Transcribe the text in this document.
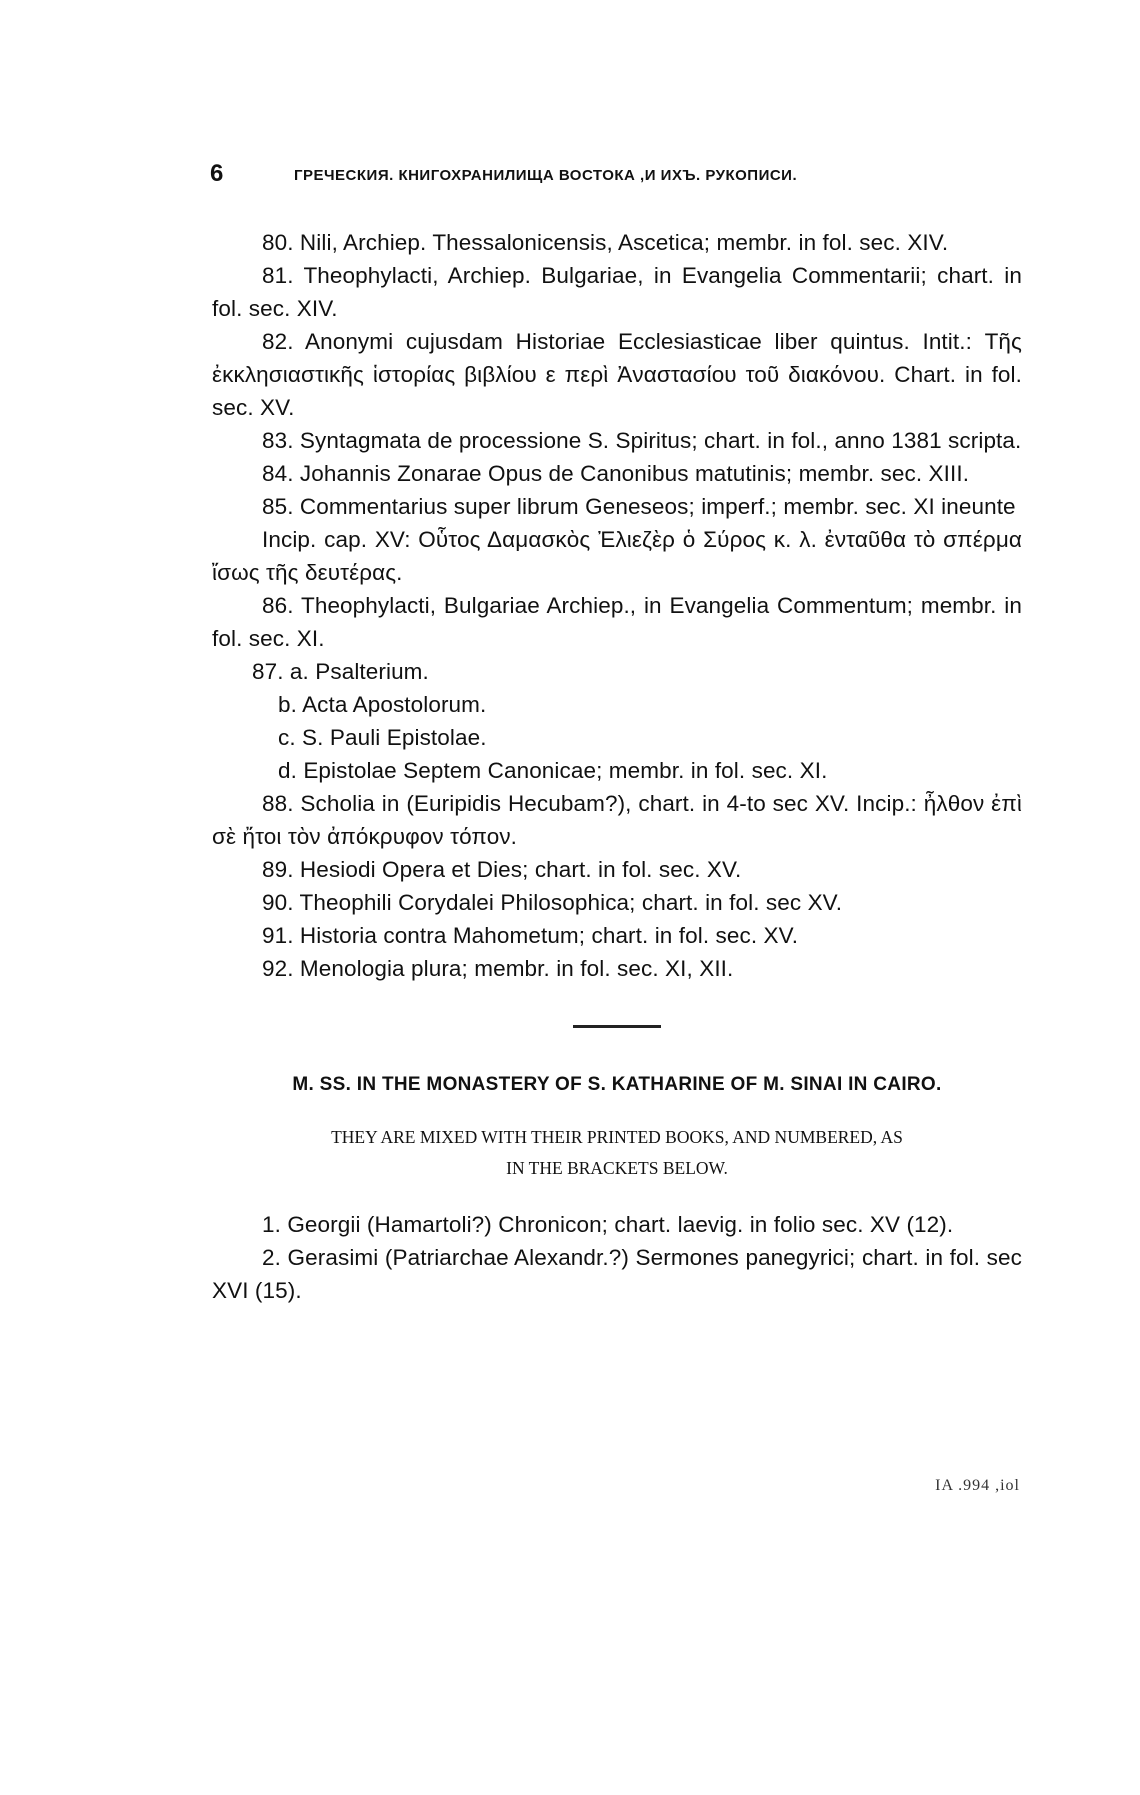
6	ГРЕЧЕСКИЯ. КНИГОХРАНИЛИЩА ВОСТОКА ,И ИХЪ. РУКОПИСИ.

80. Nili, Archiep. Thessalonicensis, Ascetica; membr. in fol. sec. XIV.

81. Theophylacti, Archiep. Bulgariae, in Evangelia Commentarii; chart. in fol. sec. XIV.

82. Anonymi cujusdam Historiae Ecclesiasticae liber quintus. Intit.: Τῆς ἐκκλησιαστικῆς ἱστορίας βιβλίου ε περὶ Ἀναστασίου τοῦ διακόνου. Chart. in fol. sec. XV.

83. Syntagmata de processione S. Spiritus; chart. in fol., anno 1381 scripta.

84. Johannis Zonarae Opus de Canonibus matutinis; membr. sec. XIII.

85. Commentarius super librum Geneseos; imperf.; membr. sec. XI ineunte

Incip. cap. XV: Οὗτος Δαμασκὸς Ἐλιεζὲρ ὁ Σύρος κ. λ. ἐνταῦθα τὸ σπέρμα ἴσως τῆς δευτέρας.

86. Theophylacti, Bulgariae Archiep., in Evangelia Commentum; membr. in fol. sec. XI.

87. a. Psalterium.

b. Acta Apostolorum.

c. S. Pauli Epistolae.

d. Epistolae Septem Canonicae; membr. in fol. sec. XI.

88. Scholia in (Euripidis Hecubam?), chart. in 4-to sec XV. Incip.: ἦλθον ἐπὶ σὲ ἤτοι τὸν ἀπόκρυφον τόπον.

89. Hesiodi Opera et Dies; chart. in fol. sec. XV.

90. Theophili Corydalei Philosophica; chart. in fol. sec XV.

91. Historia contra Mahometum; chart. in fol. sec. XV.

92. Menologia plura; membr. in fol. sec. XI, XII.

M. SS. IN THE MONASTERY OF S. KATHARINE OF M. SINAI IN CAIRO.
THEY ARE MIXED WITH THEIR PRINTED BOOKS, AND NUMBERED, AS
IN THE BRACKETS BELOW.

1. Georgii (Hamartoli?) Chronicon; chart. laevig. in folio sec. XV (12).

2. Gerasimi (Patriarchae Alexandr.?) Sermones panegyrici; chart. in fol. sec XVI (15).

IA .994 ,iol
